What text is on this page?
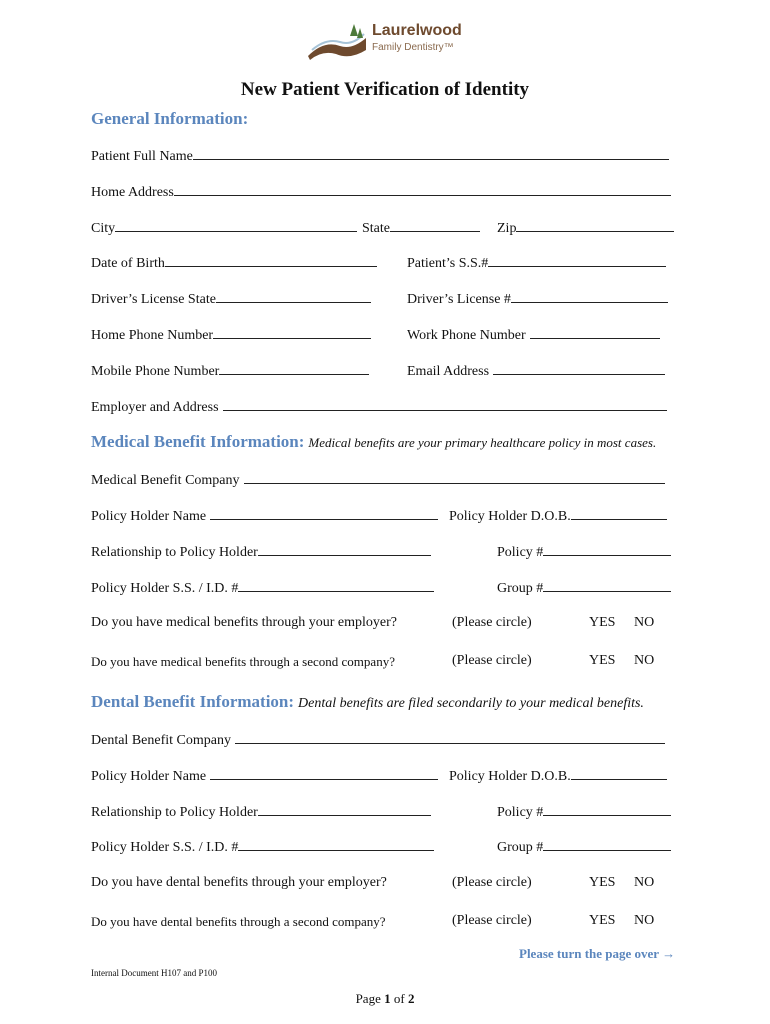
Laurelwood
Family Dentistry™
New Patient Verification of Identity
General Information:
Patient Full Name
Home Address
City	State	Zip
Date of Birth	Patient’s S.S.#
Driver’s License State	Driver’s License #
Home Phone Number	Work Phone Number
Mobile Phone Number	Email Address
Employer and Address
Medical Benefit Information: Medical benefits are your primary healthcare policy in most cases.
Medical Benefit Company
Policy Holder Name	Policy Holder D.O.B.
Relationship to Policy Holder	Policy #
Policy Holder S.S. / I.D. #	Group #
Do you have medical benefits through your employer?	(Please circle)	YES NO
Do you have medical benefits through a second company?	(Please circle)	YES NO
Dental Benefit Information: Dental benefits are filed secondarily to your medical benefits.
Dental Benefit Company
Policy Holder Name	Policy Holder D.O.B.
Relationship to Policy Holder	Policy #
Policy Holder S.S. / I.D. #	Group #
Do you have dental benefits through your employer?	(Please circle)	YES NO
Do you have dental benefits through a second company?	(Please circle)	YES NO
Please turn the page over →
Internal Document H107 and P100
Page 1 of 2
